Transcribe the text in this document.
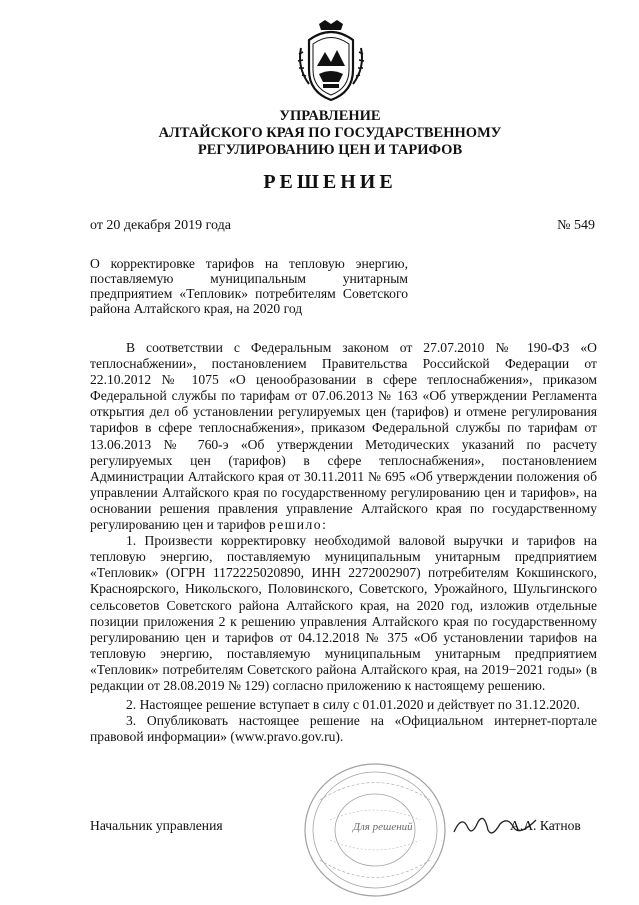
УПРАВЛЕНИЕ
АЛТАЙСКОГО КРАЯ ПО ГОСУДАРСТВЕННОМУ
РЕГУЛИРОВАНИЮ ЦЕН И ТАРИФОВ
РЕШЕНИЕ
от 20 декабря 2019 года	№ 549
О корректировке тарифов на тепловую энергию, поставляемую муниципальным унитарным предприятием «Тепловик» потребителям Советского района Алтайского края, на 2020 год

В соответствии с Федеральным законом от 27.07.2010 № 190-ФЗ «О теплоснабжении», постановлением Правительства Российской Федерации от 22.10.2012 № 1075 «О ценообразовании в сфере теплоснабжения», приказом Федеральной службы по тарифам от 07.06.2013 № 163 «Об утверждении Регламента открытия дел об установлении регулируемых цен (тарифов) и отмене регулирования тарифов в сфере теплоснабжения», приказом Федеральной службы по тарифам от 13.06.2013 № 760-э «Об утверждении Методических указаний по расчету регулируемых цен (тарифов) в сфере теплоснабжения», постановлением Администрации Алтайского края от 30.11.2011 № 695 «Об утверждении положения об управлении Алтайского края по государственному регулированию цен и тарифов», на основании решения правления управление Алтайского края по государственному регулированию цен и тарифов решило:

1. Произвести корректировку необходимой валовой выручки и тарифов на тепловую энергию, поставляемую муниципальным унитарным предприятием «Тепловик» (ОГРН 1172225020890, ИНН 2272002907) потребителям Кокшинского, Красноярского, Никольского, Половинского, Советского, Урожайного, Шульгинского сельсоветов Советского района Алтайского края, на 2020 год, изложив отдельные позиции приложения 2 к решению управления Алтайского края по государственному регулированию цен и тарифов от 04.12.2018 № 375 «Об установлении тарифов на тепловую энергию, поставляемую муниципальным унитарным предприятием «Тепловик» потребителям Советского района Алтайского края, на 2019−2021 годы» (в редакции от 28.08.2019 № 129) согласно приложению к настоящему решению.

2. Настоящее решение вступает в силу с 01.01.2020 и действует по 31.12.2020.

3. Опубликовать настоящее решение на «Официальном интернет-портале правовой информации» (www.pravo.gov.ru).

Для решений
Начальник управления	А.А. Катнов
